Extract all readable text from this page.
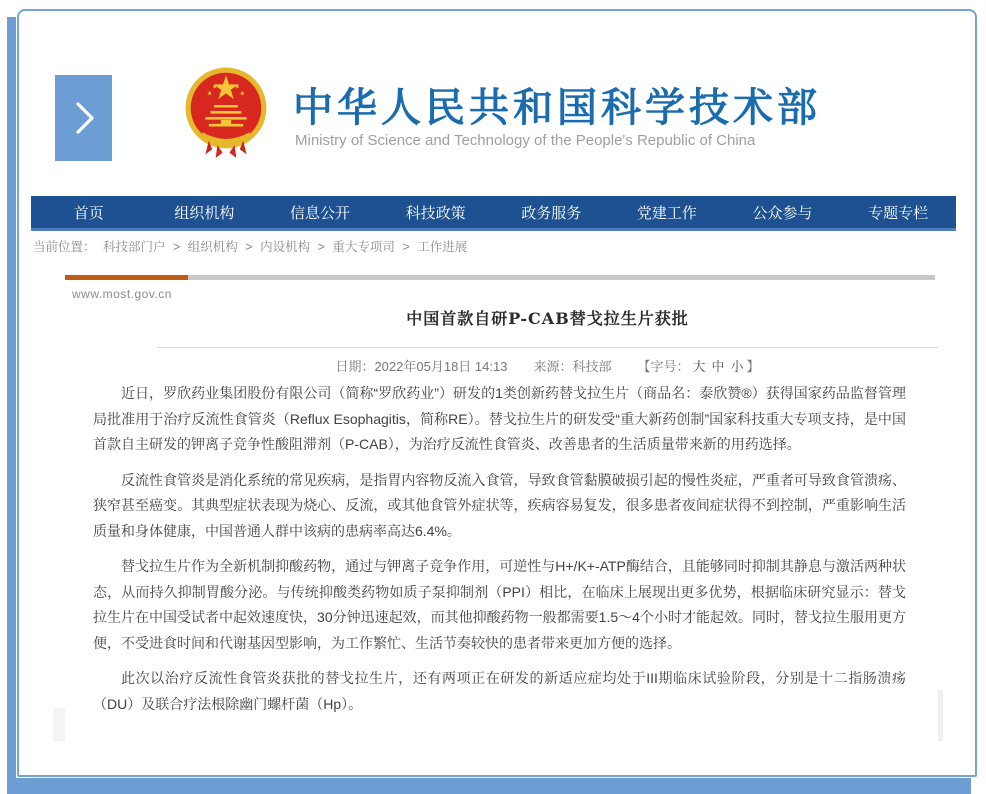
中华人民共和国科学技术部
Ministry of Science and Technology of the People's Republic of China
首页	组织机构	信息公开	科技政策	政务服务	党建工作	公众参与	专题专栏
当前位置： 科技部门户 > 组织机构 > 内设机构 > 重大专项司 > 工作进展
www.most.gov.cn
中国首款自研P-CAB替戈拉生片获批
日期： 2022年05月18日 14:13 来源： 科技部 【字号： 大 中 小 】

近日，罗欣药业集团股份有限公司（简称“罗欣药业”）研发的1类创新药替戈拉生片（商品名：泰欣赞®）获得国家药品监督管理局批准用于治疗反流性食管炎（Reflux Esophagitis，简称RE）。替戈拉生片的研发受“重大新药创制”国家科技重大专项支持，是中国首款自主研发的钾离子竞争性酸阻滞剂（P-CAB），为治疗反流性食管炎、改善患者的生活质量带来新的用药选择。

反流性食管炎是消化系统的常见疾病，是指胃内容物反流入食管，导致食管黏膜破损引起的慢性炎症，严重者可导致食管溃疡、狭窄甚至癌变。其典型症状表现为烧心、反流，或其他食管外症状等，疾病容易复发，很多患者夜间症状得不到控制，严重影响生活质量和身体健康，中国普通人群中该病的患病率高达6.4%。

替戈拉生片作为全新机制抑酸药物，通过与钾离子竞争作用，可逆性与H+/K+-ATP酶结合，且能够同时抑制其静息与激活两种状态，从而持久抑制胃酸分泌。与传统抑酸类药物如质子泵抑制剂（PPI）相比，在临床上展现出更多优势，根据临床研究显示：替戈拉生片在中国受试者中起效速度快，30分钟迅速起效，而其他抑酸药物一般都需要1.5～4个小时才能起效。同时，替戈拉生服用更方便，不受进食时间和代谢基因型影响，为工作繁忙、生活节奏较快的患者带来更加方便的选择。

此次以治疗反流性食管炎获批的替戈拉生片，还有两项正在研发的新适应症均处于III期临床试验阶段，分别是十二指肠溃疡（DU）及联合疗法根除幽门螺杆菌（Hp）。
